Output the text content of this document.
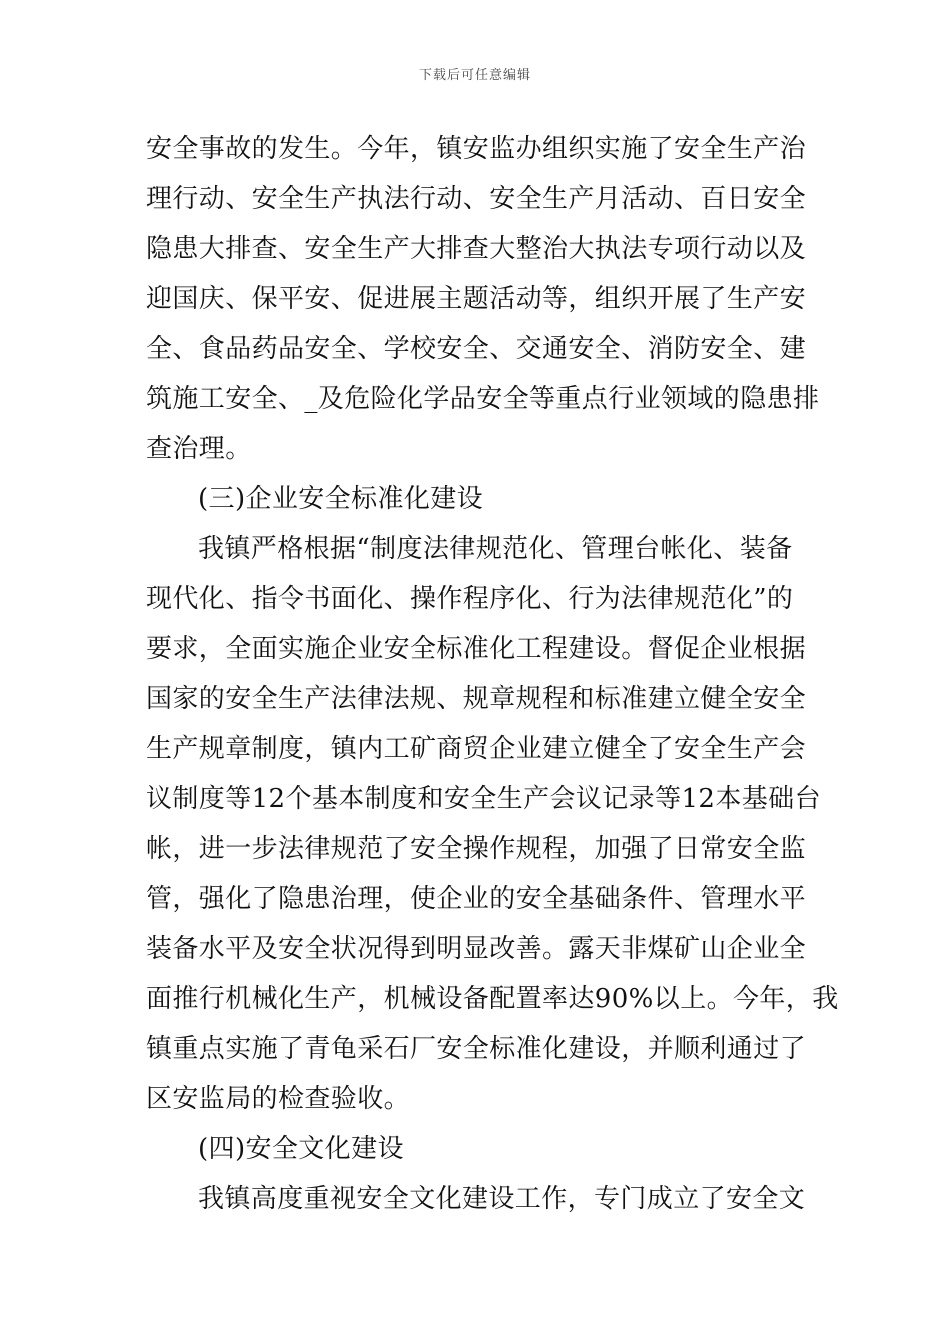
下载后可任意编辑
安全事故的发生。今年，镇安监办组织实施了安全生产治
理行动、安全生产执法行动、安全生产月活动、百日安全
隐患大排查、安全生产大排查大整治大执法专项行动以及
迎国庆、保平安、促进展主题活动等，组织开展了生产安
全、食品药品安全、学校安全、交通安全、消防安全、建
筑施工安全、_及危险化学品安全等重点行业领域的隐患排
查治理。
(三)企业安全标准化建设
我镇严格根据“制度法律规范化、管理台帐化、装备
现代化、指令书面化、操作程序化、行为法律规范化”的
要求，全面实施企业安全标准化工程建设。督促企业根据
国家的安全生产法律法规、规章规程和标准建立健全安全
生产规章制度，镇内工矿商贸企业建立健全了安全生产会
议制度等12个基本制度和安全生产会议记录等12本基础台
帐，进一步法律规范了安全操作规程，加强了日常安全监
管，强化了隐患治理，使企业的安全基础条件、管理水平
装备水平及安全状况得到明显改善。露天非煤矿山企业全
面推行机械化生产，机械设备配置率达90%以上。今年，我
镇重点实施了青龟采石厂安全标准化建设，并顺利通过了
区安监局的检查验收。
(四)安全文化建设
我镇高度重视安全文化建设工作，专门成立了安全文
